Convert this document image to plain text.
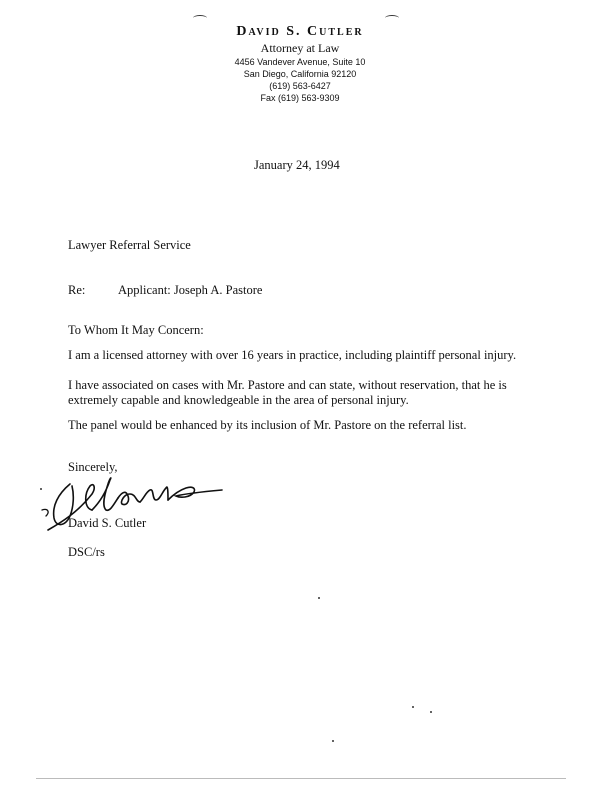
David S. Cutler
Attorney at Law
4456 Vandever Avenue, Suite 10
San Diego, California 92120
(619) 563-6427
Fax (619) 563-9309
January 24, 1994
Lawyer Referral Service
Re:	Applicant: Joseph A. Pastore
To Whom It May Concern:
I am a licensed attorney with over 16 years in practice, including plaintiff personal injury.
I have associated on cases with Mr. Pastore and can state, without reservation, that he is
extremely capable and knowledgeable in the area of personal injury.
The panel would be enhanced by its inclusion of Mr. Pastore on the referral list.
Sincerely,
David S. Cutler
DSC/rs
